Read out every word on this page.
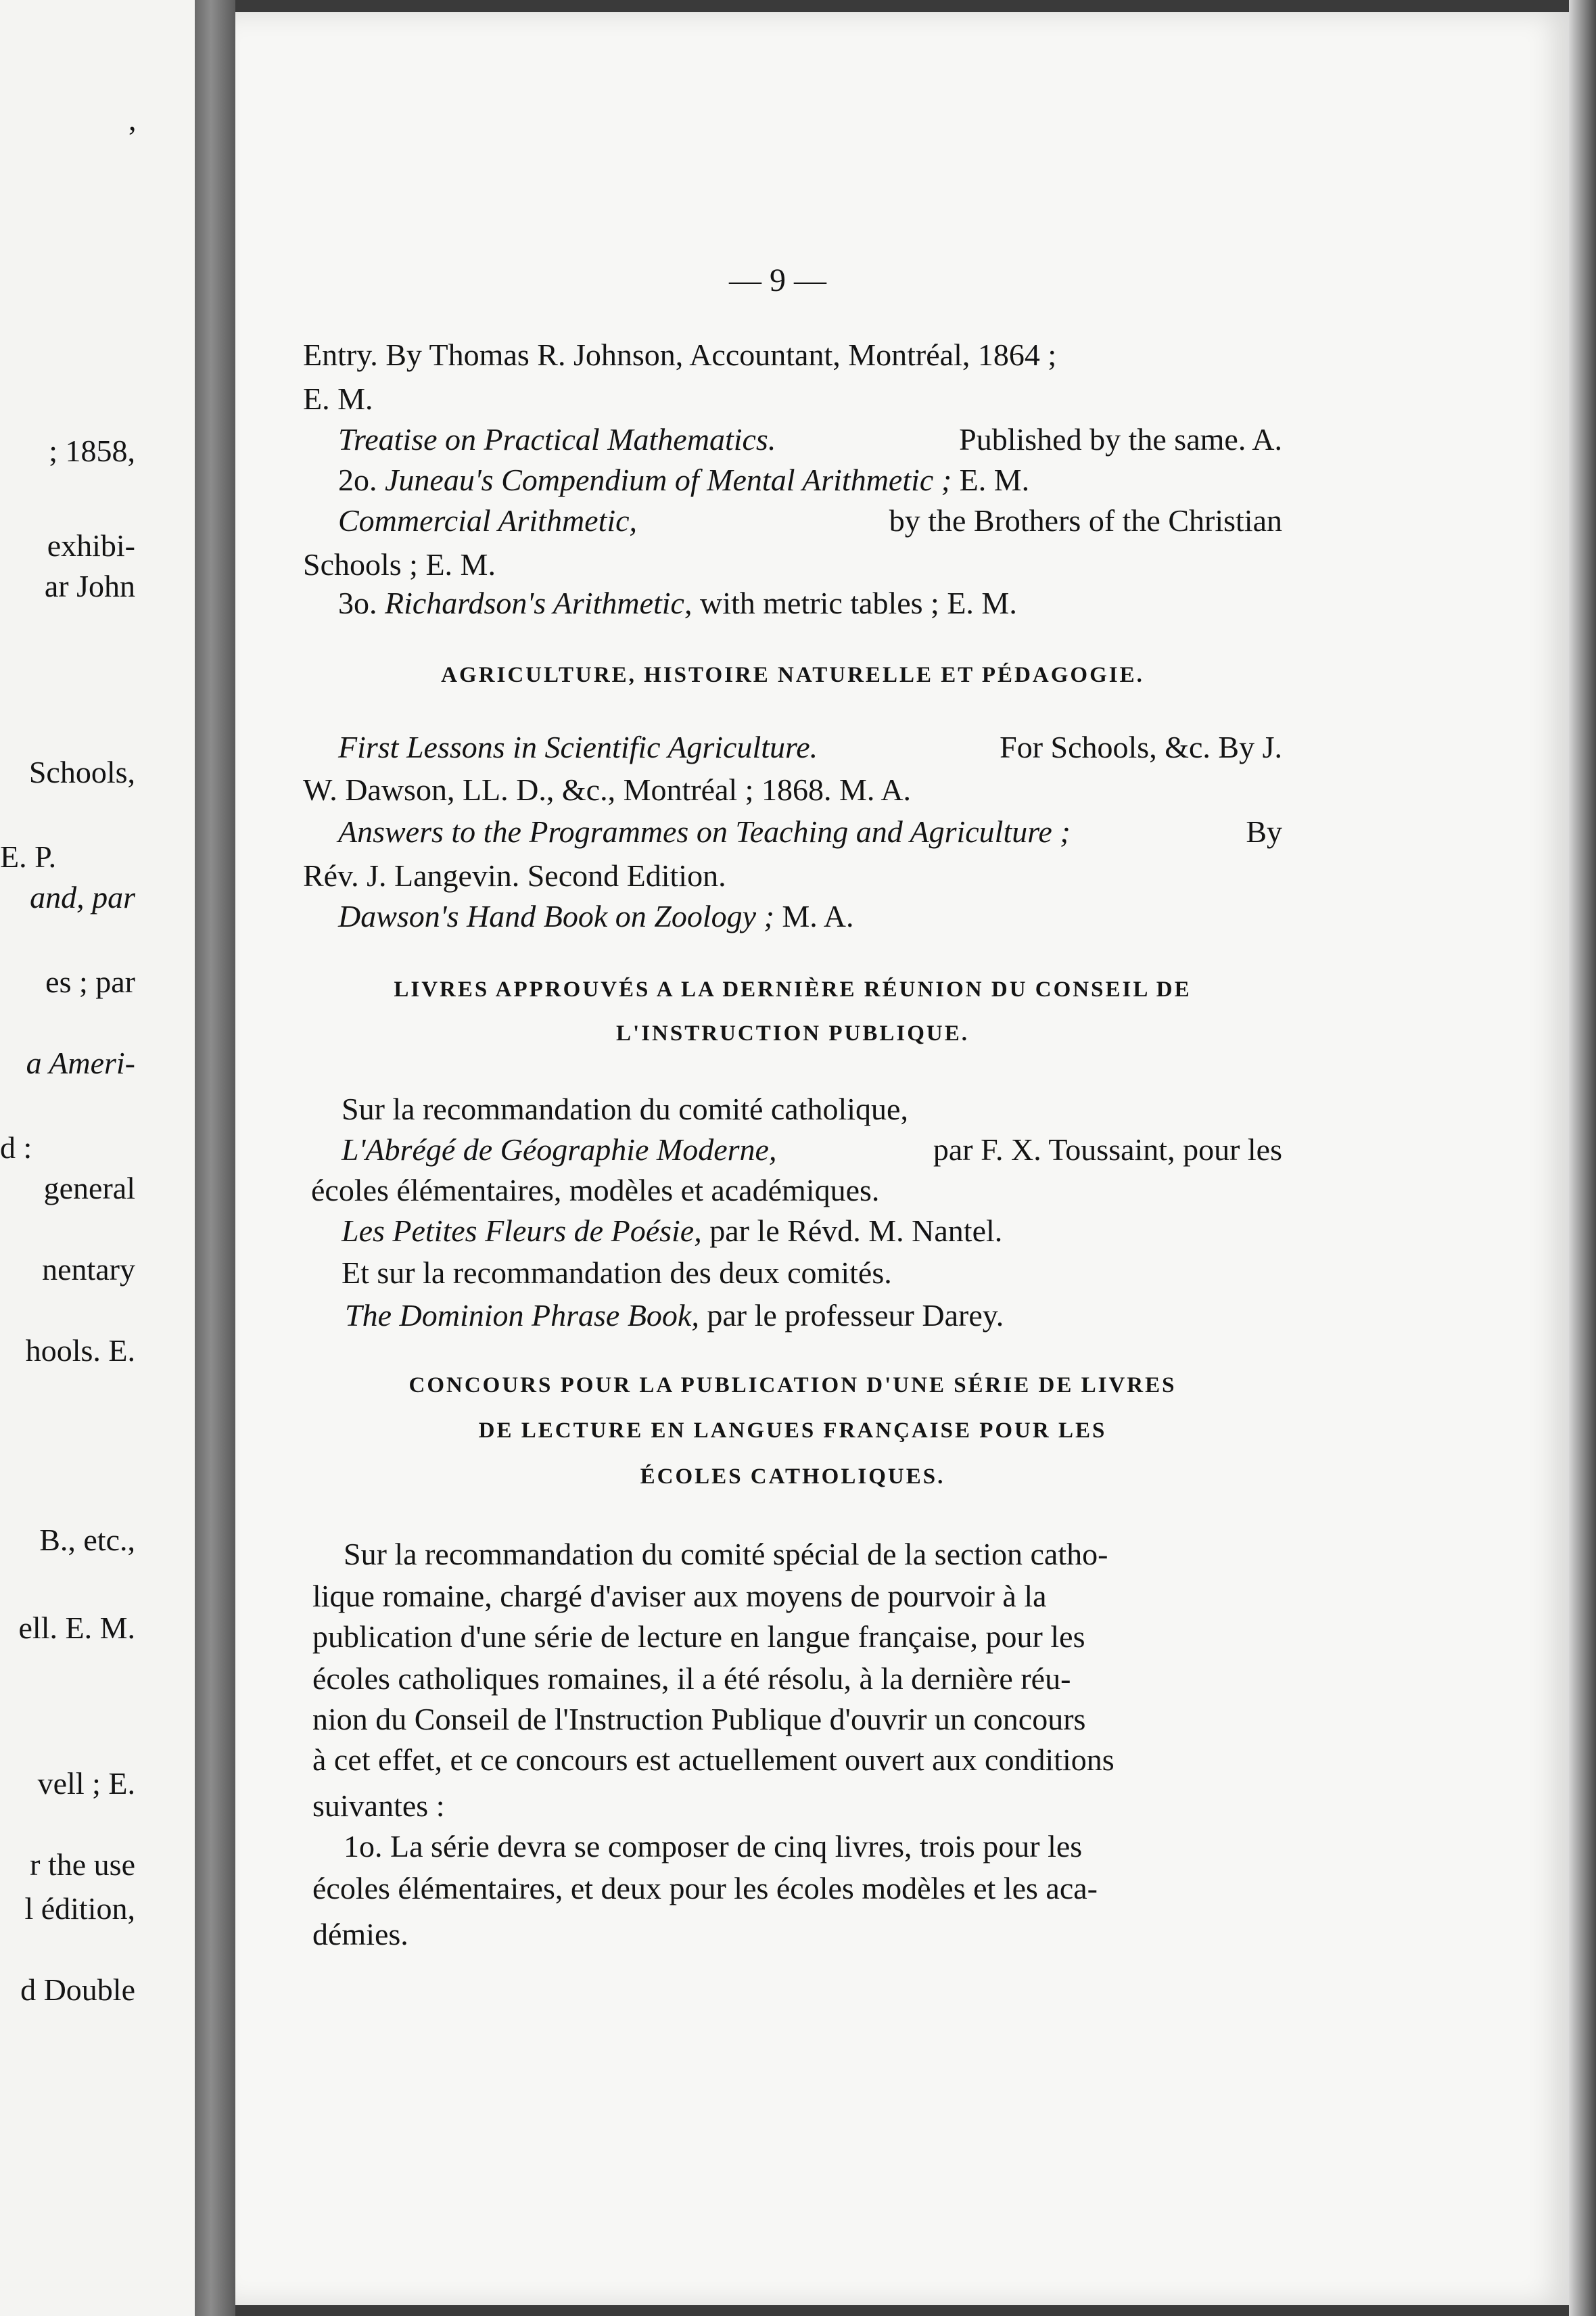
,
; 1858,
exhibi-
ar John
Schools,
E. P.
and, par
es ; par
a Ameri-
d :
general
nentary
hools. E.
B., etc.,
ell. E. M.
vell ; E.
r the use
l édition,
d Double
— 9 —
Entry. By Thomas R. Johnson, Accountant, Montréal, 1864 ;
E. M.
Treatise on Practical Mathematics.	Published by the same. A.
2o. Juneau's Compendium of Mental Arithmetic ; E. M.
Commercial Arithmetic,	by the Brothers of the Christian
Schools ; E. M.
3o. Richardson's Arithmetic, with metric tables ; E. M.
AGRICULTURE, HISTOIRE NATURELLE ET PÉDAGOGIE.
First Lessons in Scientific Agriculture.	For Schools, &c. By J.
W. Dawson, LL. D., &c., Montréal ; 1868. M. A.
Answers to the Programmes on Teaching and Agriculture ;	By
Rév. J. Langevin. Second Edition.
Dawson's Hand Book on Zoology ; M. A.
LIVRES APPROUVÉS A LA DERNIÈRE RÉUNION DU CONSEIL DE
L'INSTRUCTION PUBLIQUE.
Sur la recommandation du comité catholique,
L'Abrégé de Géographie Moderne,	par F. X. Toussaint, pour les
écoles élémentaires, modèles et académiques.
Les Petites Fleurs de Poésie, par le Révd. M. Nantel.
Et sur la recommandation des deux comités.
The Dominion Phrase Book, par le professeur Darey.
CONCOURS POUR LA PUBLICATION D'UNE SÉRIE DE LIVRES
DE LECTURE EN LANGUES FRANÇAISE POUR LES
ÉCOLES CATHOLIQUES.
Sur la recommandation du comité spécial de la section catho-
lique romaine, chargé d'aviser aux moyens de pourvoir à la
publication d'une série de lecture en langue française, pour les
écoles catholiques romaines, il a été résolu, à la dernière réu-
nion du Conseil de l'Instruction Publique d'ouvrir un concours
à cet effet, et ce concours est actuellement ouvert aux conditions
suivantes :
1o. La série devra se composer de cinq livres, trois pour les
écoles élémentaires, et deux pour les écoles modèles et les aca-
démies.
